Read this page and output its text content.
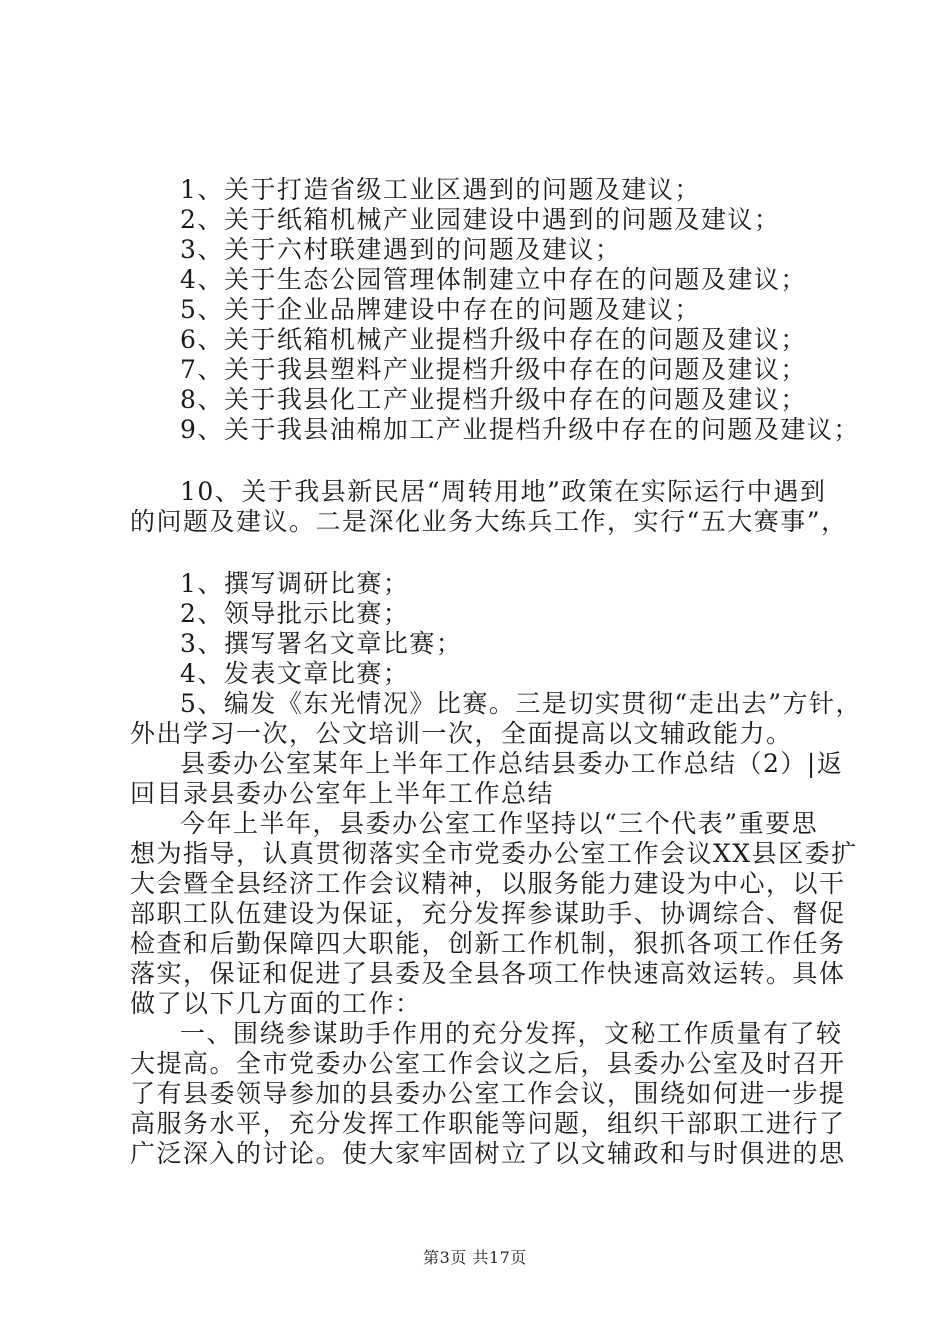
1、关于打造省级工业区遇到的问题及建议；
2、关于纸箱机械产业园建设中遇到的问题及建议；
3、关于六村联建遇到的问题及建议；
4、关于生态公园管理体制建立中存在的问题及建议；
5、关于企业品牌建设中存在的问题及建议；
6、关于纸箱机械产业提档升级中存在的问题及建议；
7、关于我县塑料产业提档升级中存在的问题及建议；
8、关于我县化工产业提档升级中存在的问题及建议；
9、关于我县油棉加工产业提档升级中存在的问题及建议；
10、关于我县新民居“周转用地”政策在实际运行中遇到
的问题及建议。二是深化业务大练兵工作，实行“五大赛事”，
1、撰写调研比赛；
2、领导批示比赛；
3、撰写署名文章比赛；
4、发表文章比赛；
5、编发《东光情况》比赛。三是切实贯彻“走出去”方针，
外出学习一次，公文培训一次，全面提高以文辅政能力。
县委办公室某年上半年工作总结县委办工作总结（2）|返
回目录县委办公室年上半年工作总结
今年上半年，县委办公室工作坚持以“三个代表”重要思
想为指导，认真贯彻落实全市党委办公室工作会议XX县区委扩
大会暨全县经济工作会议精神，以服务能力建设为中心，以干
部职工队伍建设为保证，充分发挥参谋助手、协调综合、督促
检查和后勤保障四大职能，创新工作机制，狠抓各项工作任务
落实，保证和促进了县委及全县各项工作快速高效运转。具体
做了以下几方面的工作：
一、围绕参谋助手作用的充分发挥，文秘工作质量有了较
大提高。全市党委办公室工作会议之后，县委办公室及时召开
了有县委领导参加的县委办公室工作会议，围绕如何进一步提
高服务水平，充分发挥工作职能等问题，组织干部职工进行了
广泛深入的讨论。使大家牢固树立了以文辅政和与时俱进的思
第3页 共17页
